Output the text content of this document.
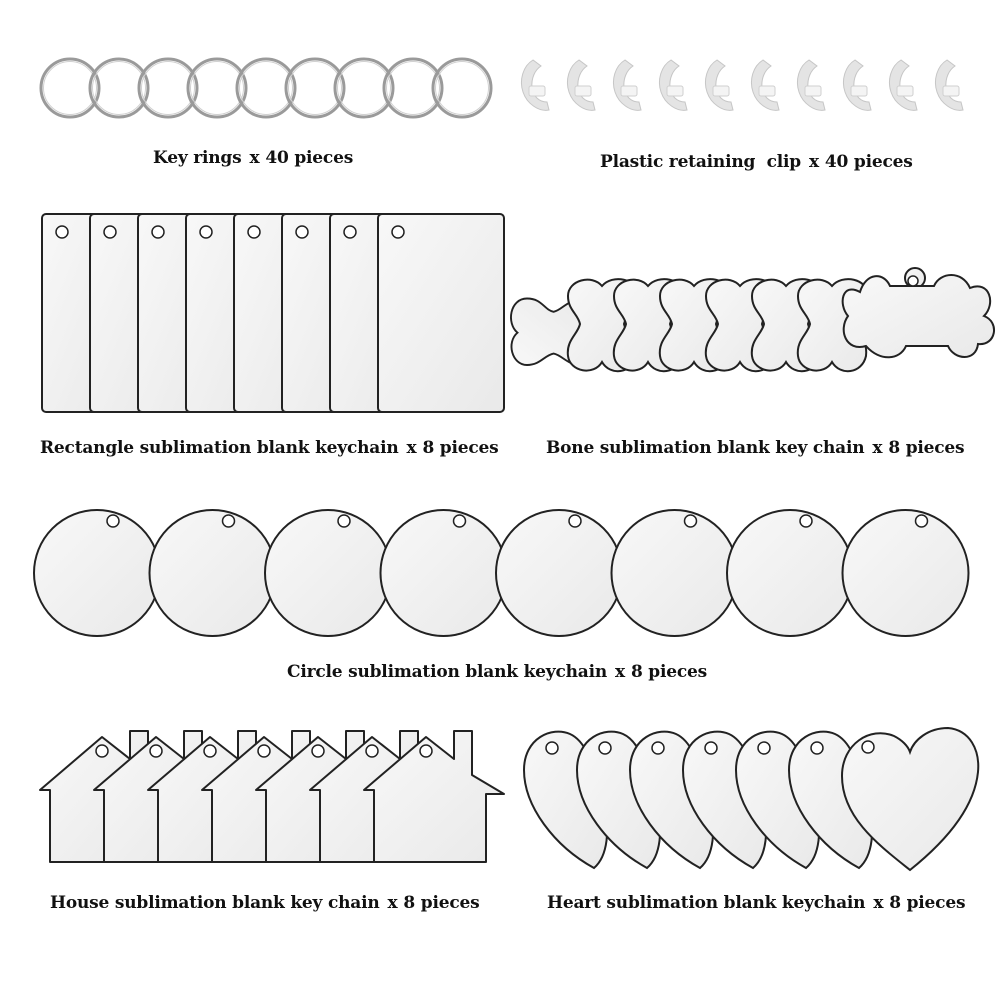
Key rings x 40 pieces	Plastic retaining  clip x 40 pieces
Rectangle sublimation blank keychain x 8 pieces	Bone sublimation blank key chain x 8 pieces
Circle sublimation blank keychain x 8 pieces
House sublimation blank key chain x 8 pieces	Heart sublimation blank keychain x 8 pieces
